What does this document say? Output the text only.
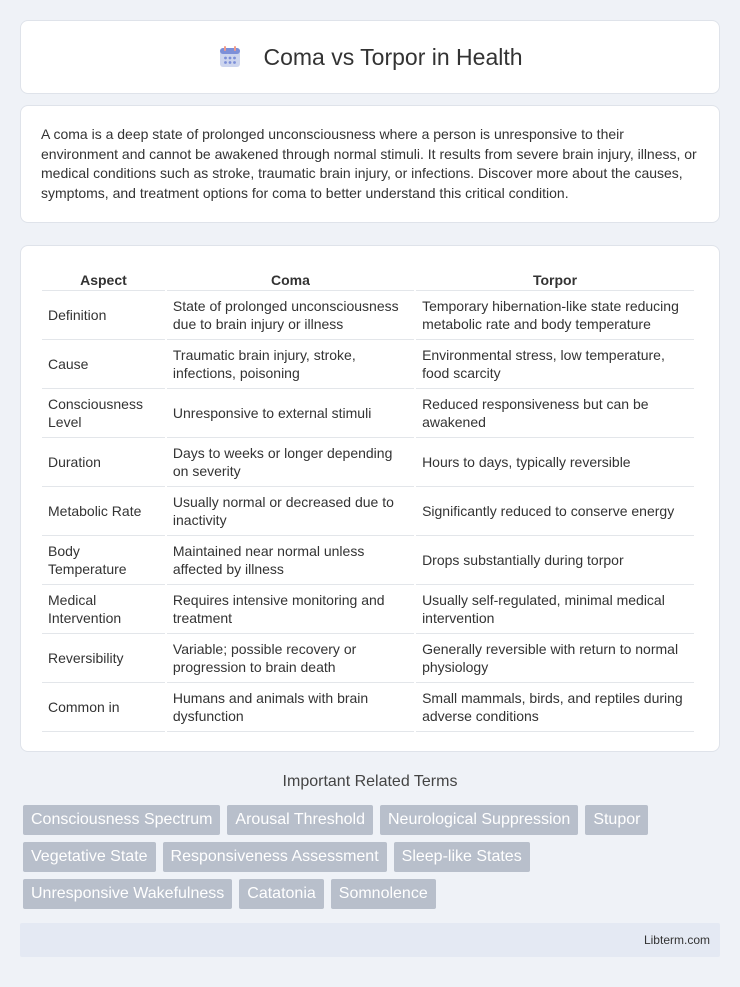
Coma vs Torpor in Health

A coma is a deep state of prolonged unconsciousness where a person is unresponsive to their environment and cannot be awakened through normal stimuli. It results from severe brain injury, illness, or medical conditions such as stroke, traumatic brain injury, or infections. Discover more about the causes, symptoms, and treatment options for coma to better understand this critical condition.

Aspect	Coma	Torpor
Definition	State of prolonged unconsciousness due to brain injury or illness	Temporary hibernation-like state reducing metabolic rate and body temperature
Cause	Traumatic brain injury, stroke, infections, poisoning	Environmental stress, low temperature, food scarcity
Consciousness Level	Unresponsive to external stimuli	Reduced responsiveness but can be awakened
Duration	Days to weeks or longer depending on severity	Hours to days, typically reversible
Metabolic Rate	Usually normal or decreased due to inactivity	Significantly reduced to conserve energy
Body Temperature	Maintained near normal unless affected by illness	Drops substantially during torpor
Medical Intervention	Requires intensive monitoring and treatment	Usually self-regulated, minimal medical intervention
Reversibility	Variable; possible recovery or progression to brain death	Generally reversible with return to normal physiology
Common in	Humans and animals with brain dysfunction	Small mammals, birds, and reptiles during adverse conditions
Important Related Terms
Consciousness Spectrum	Arousal Threshold	Neurological Suppression	Stupor
Vegetative State	Responsiveness Assessment	Sleep-like States
Unresponsive Wakefulness	Catatonia	Somnolence
Libterm.com
